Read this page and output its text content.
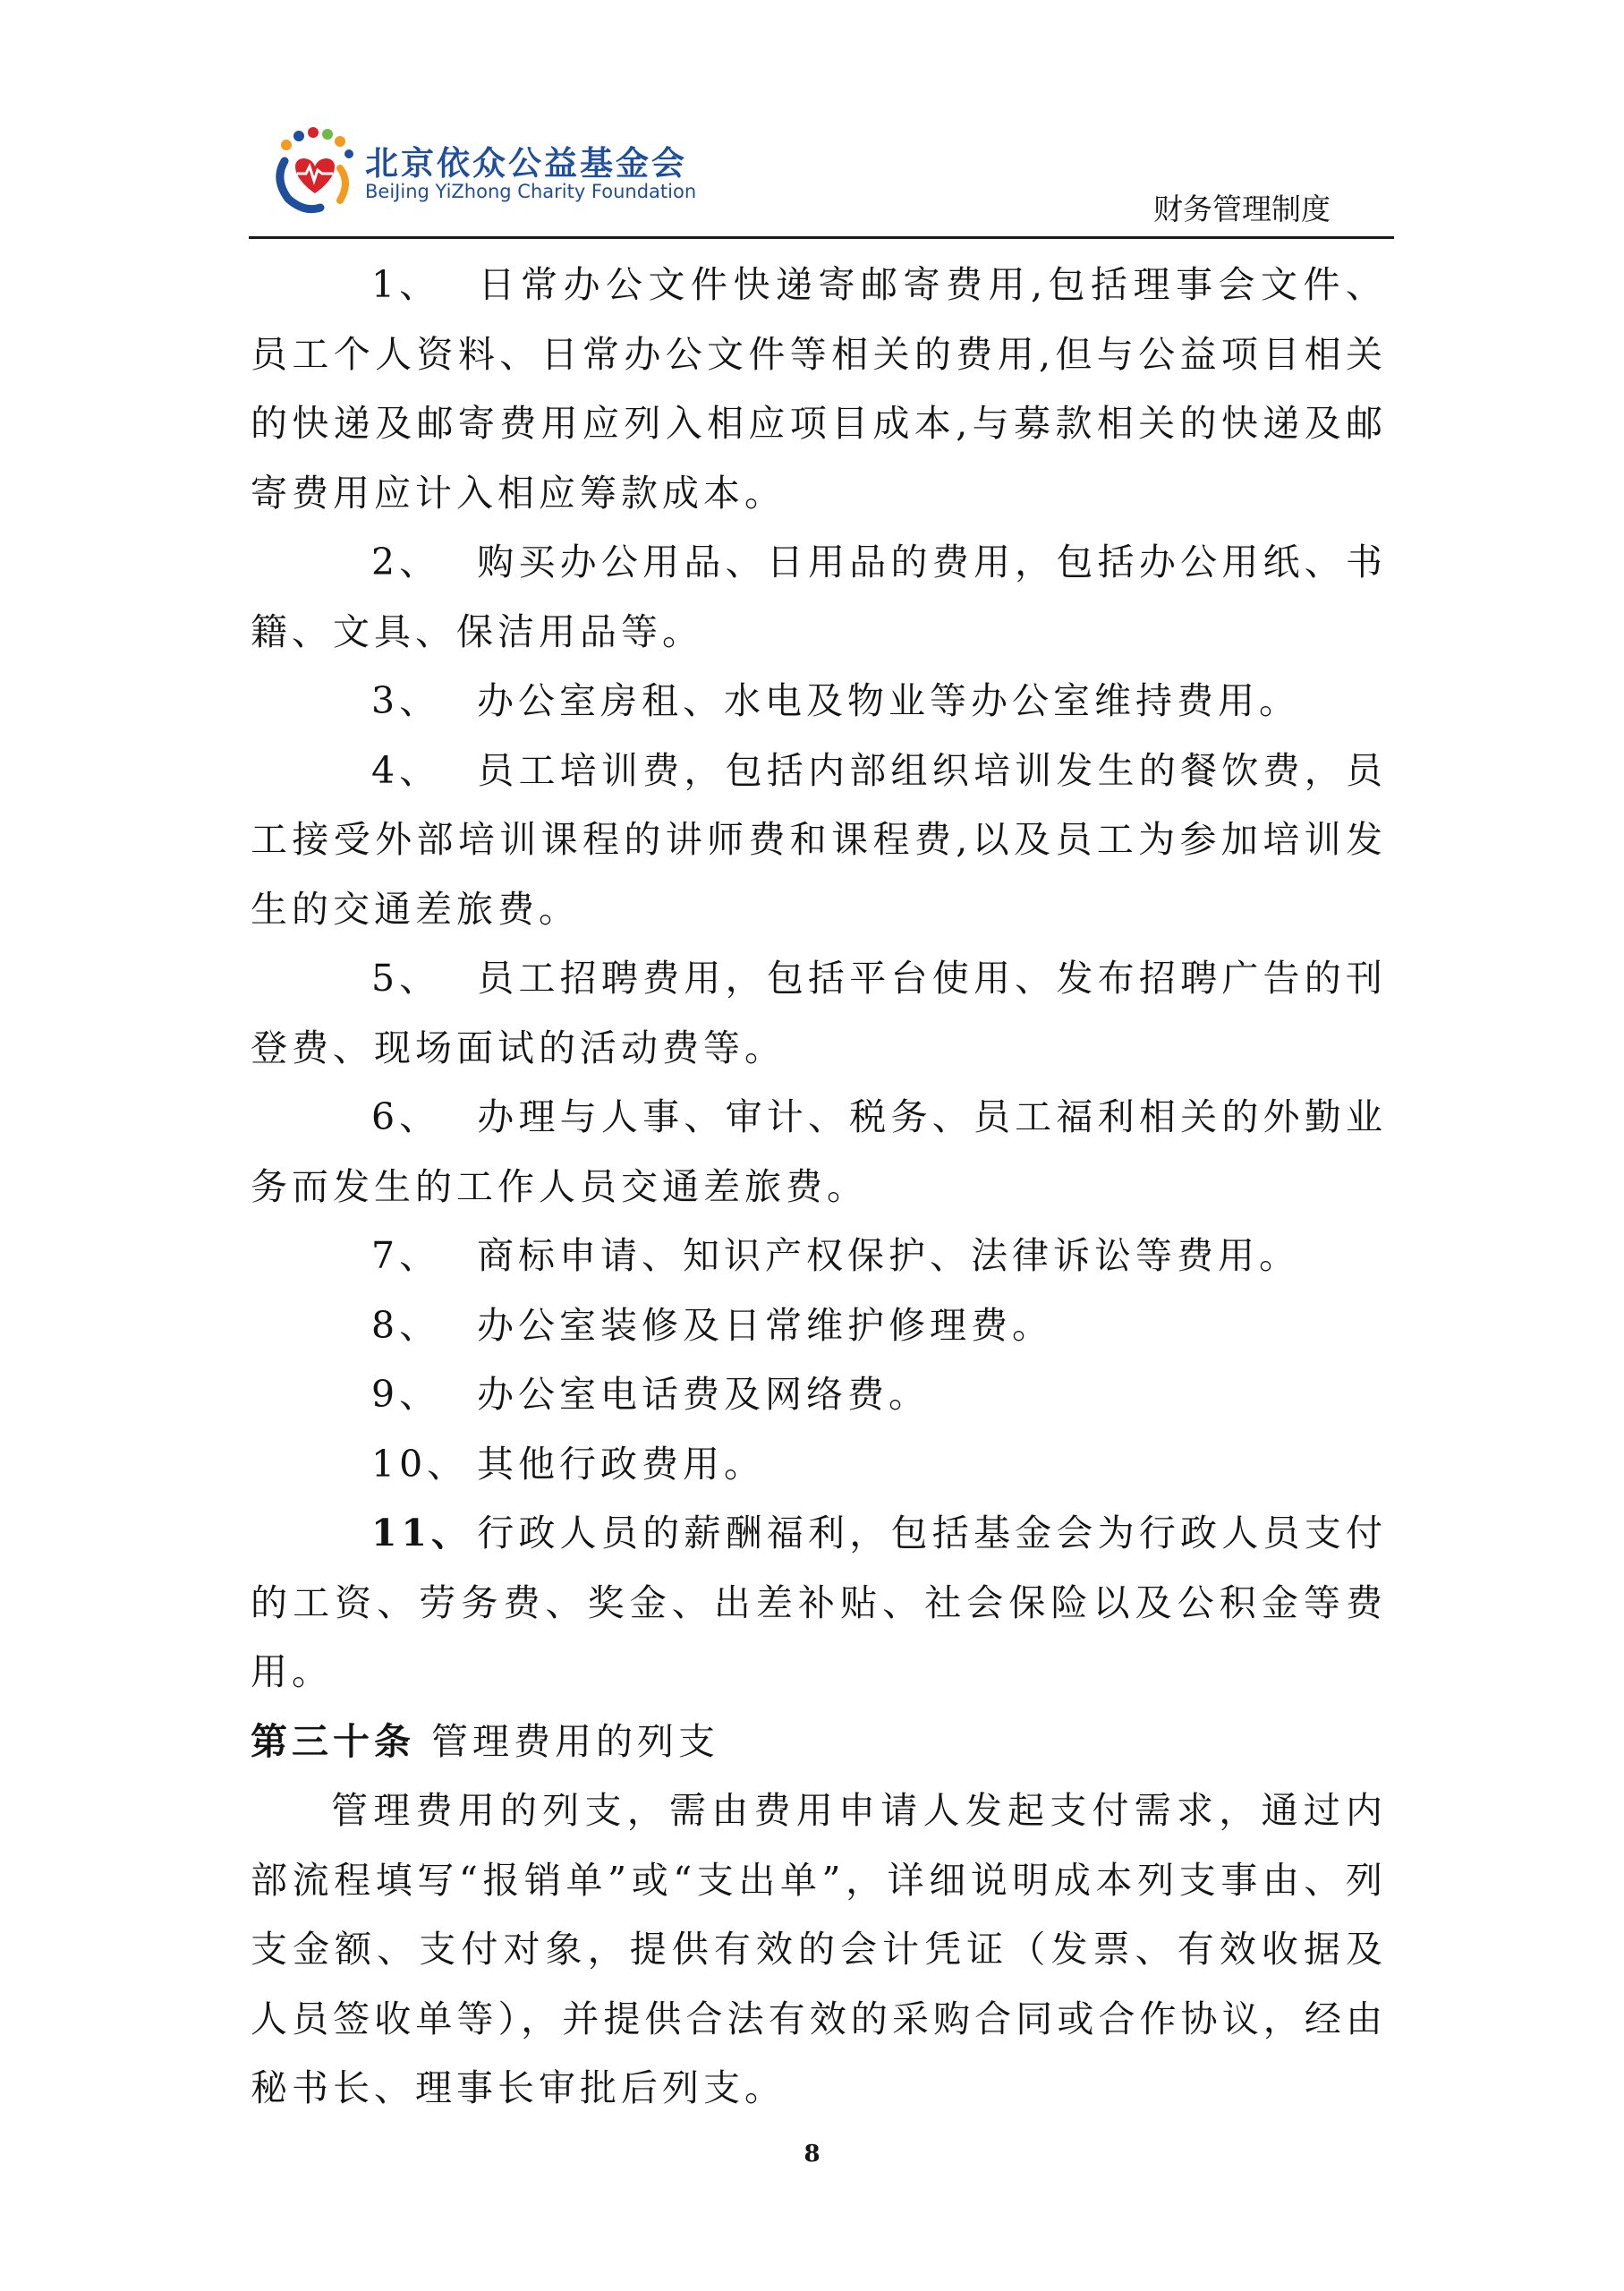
北京依众公益基金会
BeiJing YiZhong Charity Foundation	财务管理制度

1、 日常办公文件快递寄邮寄费用,包括理事会文件、员工个人资料、日常办公文件等相关的费用,但与公益项目相关的快递及邮寄费用应列入相应项目成本,与募款相关的快递及邮寄费用应计入相应筹款成本。

2、 购买办公用品、日用品的费用，包括办公用纸、书籍、文具、保洁用品等。

3、 办公室房租、水电及物业等办公室维持费用。

4、 员工培训费，包括内部组织培训发生的餐饮费，员工接受外部培训课程的讲师费和课程费,以及员工为参加培训发生的交通差旅费。

5、 员工招聘费用，包括平台使用、发布招聘广告的刊登费、现场面试的活动费等。

6、 办理与人事、审计、税务、员工福利相关的外勤业务而发生的工作人员交通差旅费。

7、 商标申请、知识产权保护、法律诉讼等费用。

8、 办公室装修及日常维护修理费。

9、 办公室电话费及网络费。

10、 其他行政费用。

11、 行政人员的薪酬福利，包括基金会为行政人员支付的工资、劳务费、奖金、出差补贴、社会保险以及公积金等费用。

第三十条 管理费用的列支

管理费用的列支，需由费用申请人发起支付需求，通过内部流程填写“报销单”或“支出单”，详细说明成本列支事由、列支金额、支付对象，提供有效的会计凭证（发票、有效收据及人员签收单等），并提供合法有效的采购合同或合作协议，经由秘书长、理事长审批后列支。

8
